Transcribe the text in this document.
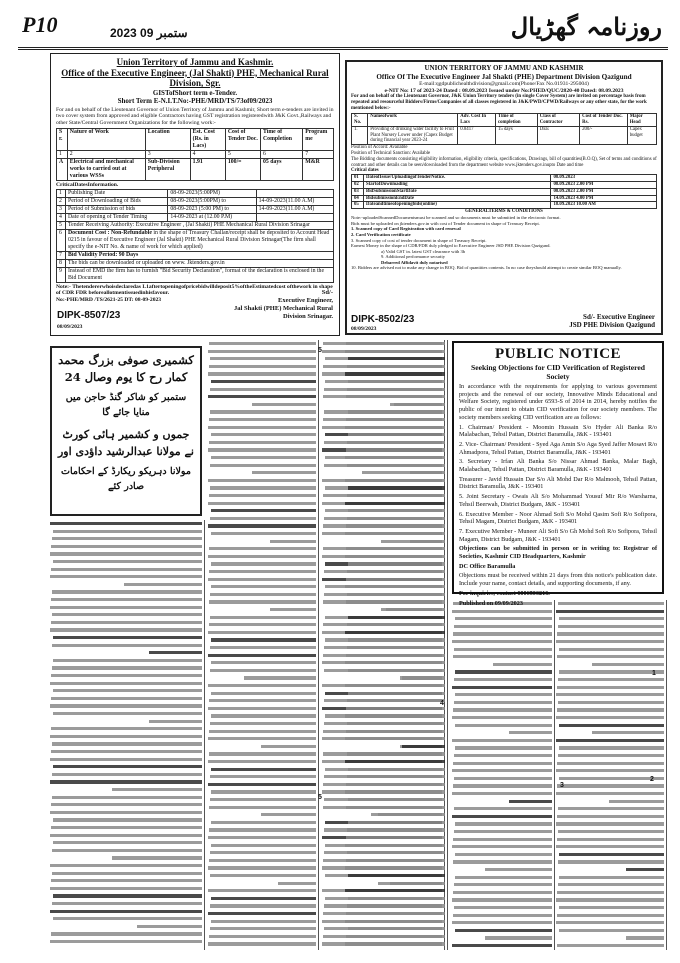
P10	2023 ستمبر 09	روزنامہ گھڑیال
Union Territory of Jammu and Kashmir.
Office of the Executive Engineer, (Jal Shakti) PHE, Mechanical Rural Division, Sgr.
GISTofShort term e-Tender.
Short Term E-N.I.T.No:-PHE/MRD/TS/73of09/2023
For and on behalf of the Lieutenant Governor of Union Territory of Jammu and Kashmir, Short term e-tenders are invited in two cover system from approved and eligible Contractors having GST registration registeredwith J&K Govt.,Railways and other State/Central Government Organizations for the following work:-
S r.	Nature of Work	Location	Est. Cost (Rs. in Lacs)	Cost of Tender Doc.	Time of Completion	Program me
1	2	3	4	5	6	7
A	Electrical and mechanical works to carried out at various WSSs	Sub-Division Peripheral	1.91	100/=	05 days	M&R
CriticalDatesInformation.
1	Publishing Date	08-09-2023(5:00PM)	
2	Period of Downloading of Bids	08-09-2023(5:00PM) to	14-09-2023(11.00 A.M)
3	Period of Submission of bids	08-09-2023 (5:00 PM) to	14-09-2023(11.00 A.M)
4	Date of opening of Tender Timing	14-09-2023 at (12.00 P.M)	
5	Tender Receiving Authority: Executive Engineer , (Jal Shakti) PHE Mechanical Rural Division Srinagar		
6	Document Cost : Non-Refundable in the shape of Treasury Challan/receipt shall be deposited to Account Head 0215 in favour of Executive Engineer (Jal Shakti) PHE Mechanical Rural Division Srinagar(The firm shall specify the e-NIT No. & name of work for which applied)		
7	Bid Validity Period: 90 Days		
8	The bids can be downloaded or uploaded on www. Jktenders.gov.in		
9	Instead of EMD the firm has to furnish "Bid Security Declaration", format of the declaration is enclosed in the Bid Document		
Note:- Thetendererwhoisdeclaredas L1aftertopeningofpricebidwilldeposit5%oftheEstimatedcost ofthework in shape of CDR FDR beforeallotmentissuedinhisfavour.
No:-PHE/MRD /TS/2621-25 DT: 08-09-2023
Sd/-
Executive Engineer,
Jal Shakti (PHE) Mechanical Rural
Division Srinagar.
DIPK-8507/23
08/09/2023
UNION TERRITORY OF JAMMU AND KASHMIR
Office Of The Executive Engineer Jal Shakti (PHE) Department Division Qazigund
E-mail:qgdpublichealthdivision@gmail.com(Phone/Fax No.01931-295004)
e-NIT No: 17 of 2023-24 Dated : 08.09.2023 Issued under No:PHED/QUC/2820-40 Dated: 08.09.2023
For and on behalf of the Lieutenant Governor, J&K Union Territory tenders (in single Cover System) are invited on percentage basis from repeated and resourceful Bidders/Firms/Companies of all classes registered in J&K/PWD/CPWD/Railways or any other state, for the work mentioned below:-
S. No.	Nameofwork	Adv. Cost In Lacs	Time of completion	Class of Contractor	Cost of Tender Doc. Rs.	Major Head
1.	Providing of drinking water facility to Fruit Plant Nursery Lower under (Capex Budget during financial year 2023-24	0.8417	15 days	DEE	200/-	Capex budget
Position of Accord: Available
Position of Technical Sanction: Available
The Bidding documents consisting eligibility information, eligibility criteria, specifications, Drawings, bill of quantities(B.O.Q), Set of terms and conditions of contract and other details can be seen/downloaded from the department website www.jktenders.gov.inupto Date and time
Critical dates
01	DateofIssue/UploadingofTenderNotice.	08.09.2023
02	StartofDownloading	08.09.2023 2.00 PM
03	BidSubmissionStartDate	08.09.2023 2.00 PM
04	BidsubmissionEndDate	14.09.2023 4.00 PM
05	Dateandtimeofopeningbids(online)	18.09.2023 10.00 AM
GENERALTERMS & CONDITIONS
Note:-uploadedScannedDocumentsmust be scanned and so documents must be submitted in the electronic format.
Bids must be uploaded on jktenders.gov.in with cost of Tender document in shape of Treasury Receipt.
1. Scanned copy of Card Registration with card renewal
2. Card Verification certificate
3. Scanned copy of cost of tender document in shape of Treasury Receipt.
Earnest Money in the shape of CDR/FDR duly pledged to Executive Engineer JSD PHE Division Qazigund.
a) Valid GST in. latest GST clearance with 3b
9. Additional performance security
Debarred Affidavit duly notarised
10. Bidders are advised not to make any change in BOQ. Bid of quantities contents. In no case theyshould attempt to create similar BOQ manually.
Sd/- Executive Engineer
JSD PHE Division Qazigund
DIPK-8502/23
08/09/2023
کشمیری صوفی بزرگ محمد کمار رح کا یوم وصال 24
ستمبر کو شاکر گنڈ حاجن میں منایا جائے گا
جموں و کشمیر ہائی کورٹ نے مولانا عبدالرشید داؤدی اور
مولانا دہریکو ریکارڈ کے احکامات صادر کئے
PUBLIC NOTICE
Seeking Objections for CID Verification of Registered Society
In accordance with the requirements for applying to various government projects and the renewal of our society, Innovative Minds Educational and Welfare Society, registered under 6593-S of 2014 in 2014, hereby notifies the public of our intent to obtain CID verification for our society members. The society members seeking CID verification are as follows:
1. Chairman/ President - Moomin Hussain S/o Hyder Ali Banka R/o Malabachan, Tehsil Pattan, District Baramulla, J&K - 193401
2. Vice- Chairman/ President - Syed Aga Amin S/o Aga Syed Jaffer Mosavi R/o Ahmadpora, Tehsil Pattan, District Baramulla, J&K - 193401
3. Secretary - Irfan Ali Banka S/o Nissar Ahmad Banka, Malar Bagh, Malabachan, Tehsil Pattan, District Baramulla, J&K - 193401
Treasurer - Javid Hussain Dar S/o Ali Mohd Dar R/o Malmooh, Tehsil Pattan, District Baramulla, J&K - 193401
5. Joint Secretary - Owais Ali S/o Mohammad Yousuf Mir R/o Warsharna, Tehsil Beerwah, District Budgam, J&K - 193401
6. Executive Member - Noor Ahmad Sofi S/o Mohd Qasim Sofi R/o Sofipora, Tehsil Magam, District Budgam, J&K - 193401
7. Executive Member - Muneer Ali Sofi S/o Gh Mohd Sofi R/o Sofipora, Tehsil Magam, District Budgam, J&K - 193401
Objections can be submitted in person or in writing to: Registrar of Societies, Kashmir CID Headquarters, Kashmir
DC Office Baramulla
Objections must be received within 21 days from this notice's publication date. Include your name, contact details, and supporting documents, if any.
For inquiries, contact 6006506216.
Published on 09/09/2023
5
5
4
3
2
1
